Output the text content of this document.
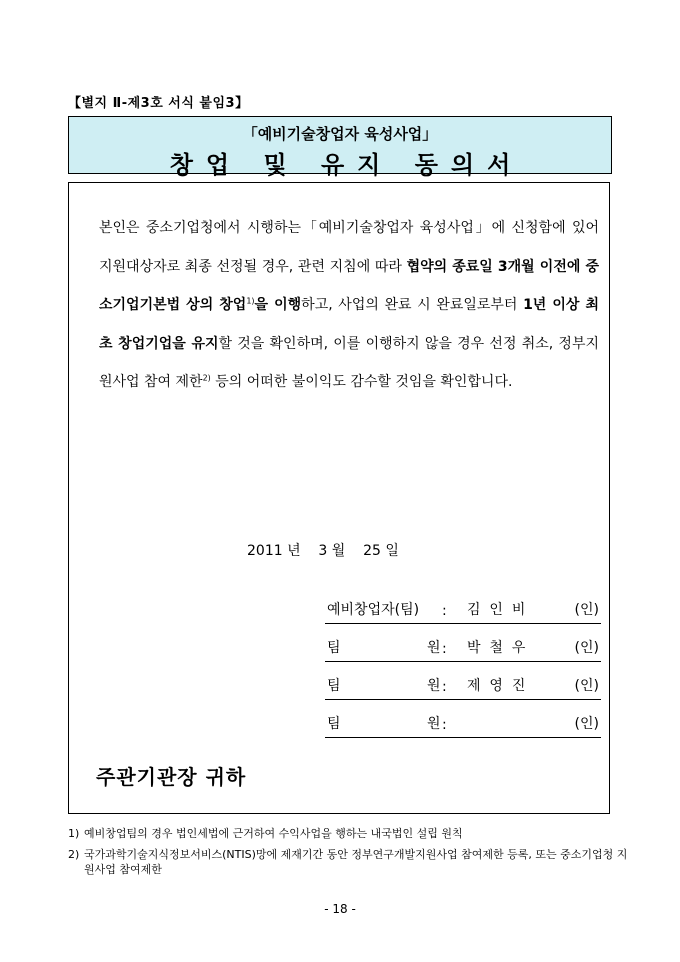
【별지 Ⅱ-제3호 서식 붙임3】
「예비기술창업자 육성사업」
창업 및 유지 동의서

본인은 중소기업청에서 시행하는「예비기술창업자 육성사업」에 신청함에 있어 지원대상자로 최종 선정될 경우, 관련 지침에 따라 협약의 종료일 3개월 이전에 중소기업기본법 상의 창업$^{1)}$을 이행하고, 사업의 완료 시 완료일로부터 1년 이상 최초 창업기업을 유지할 것을 확인하며, 이를 이행하지 않을 경우 선정 취소, 정부지원사업 참여 제한$^{2)}$ 등의 어떠한 불이익도 감수할 것임을 확인합니다.

2011 년    3 월    25 일
예비창업자(팀) : 김  인  비	(인)
팀	원 : 박  철  우	(인)
팀	원 : 제  영  진	(인)
팀	원 :	(인)
주관기관장 귀하
1) 예비창업팀의 경우 법인세법에 근거하여 수익사업을 행하는 내국법인 설립 원칙
2) 국가과학기술지식정보서비스(NTIS)망에 제재기간 동안 정부연구개발지원사업 참여제한 등록, 또는 중소기업청 지원사업 참여제한
- 18 -
